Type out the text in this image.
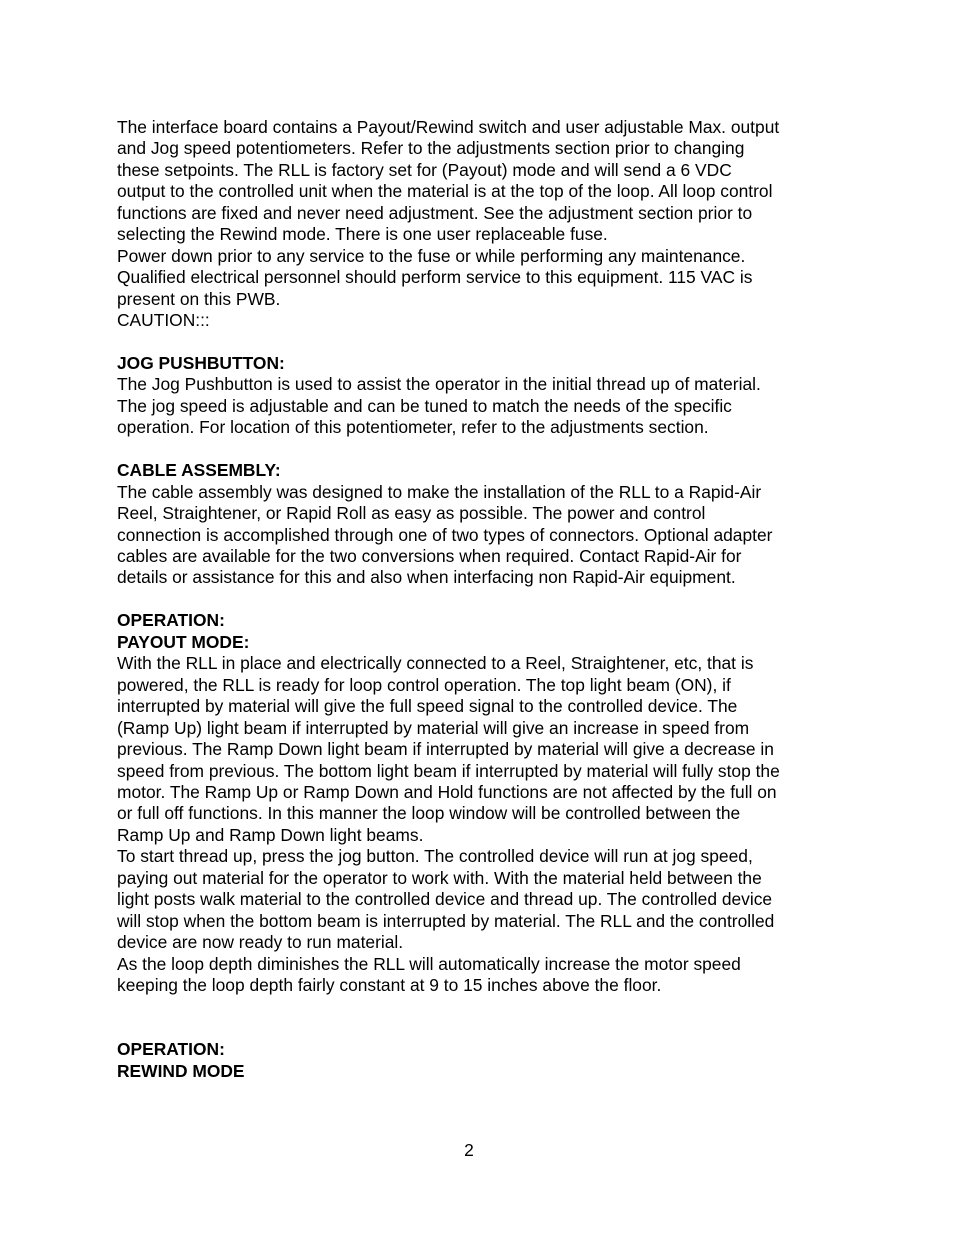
The interface board contains a Payout/Rewind switch and user adjustable Max. output
and Jog speed potentiometers. Refer to the adjustments section prior to changing
these setpoints. The RLL is factory set for (Payout) mode and will send a 6 VDC
output to the controlled unit when the material is at the top of the loop. All loop control
functions are fixed and never need adjustment. See the adjustment section prior to
selecting the Rewind mode. There is one user replaceable fuse.
Power down prior to any service to the fuse or while performing any maintenance.
Qualified electrical personnel should perform service to this equipment. 115 VAC is
present on this PWB.
CAUTION:::
JOG PUSHBUTTON:
The Jog Pushbutton is used to assist the operator in the initial thread up of material.
The jog speed is adjustable and can be tuned to match the needs of the specific
operation. For location of this potentiometer, refer to the adjustments section.
CABLE ASSEMBLY:
The cable assembly was designed to make the installation of the RLL to a Rapid-Air
Reel, Straightener, or Rapid Roll as easy as possible. The power and control
connection is accomplished through one of two types of connectors. Optional adapter
cables are available for the two conversions when required. Contact Rapid-Air for
details or assistance for this and also when interfacing non Rapid-Air equipment.
OPERATION:
PAYOUT MODE:
With the RLL in place and electrically connected to a Reel, Straightener, etc, that is
powered, the RLL is ready for loop control operation. The top light beam (ON), if
interrupted by material will give the full speed signal to the controlled device. The
(Ramp Up) light beam if interrupted by material will give an increase in speed from
previous. The Ramp Down light beam if interrupted by material will give a decrease in
speed from previous. The bottom light beam if interrupted by material will fully stop the
motor. The Ramp Up or Ramp Down and Hold functions are not affected by the full on
or full off functions. In this manner the loop window will be controlled between the
Ramp Up and Ramp Down light beams.
To start thread up, press the jog button. The controlled device will run at jog speed,
paying out material for the operator to work with. With the material held between the
light posts walk material to the controlled device and thread up. The controlled device
will stop when the bottom beam is interrupted by material. The RLL and the controlled
device are now ready to run material.
As the loop depth diminishes the RLL will automatically increase the motor speed
keeping the loop depth fairly constant at 9 to 15 inches above the floor.
OPERATION:
REWIND MODE
2
